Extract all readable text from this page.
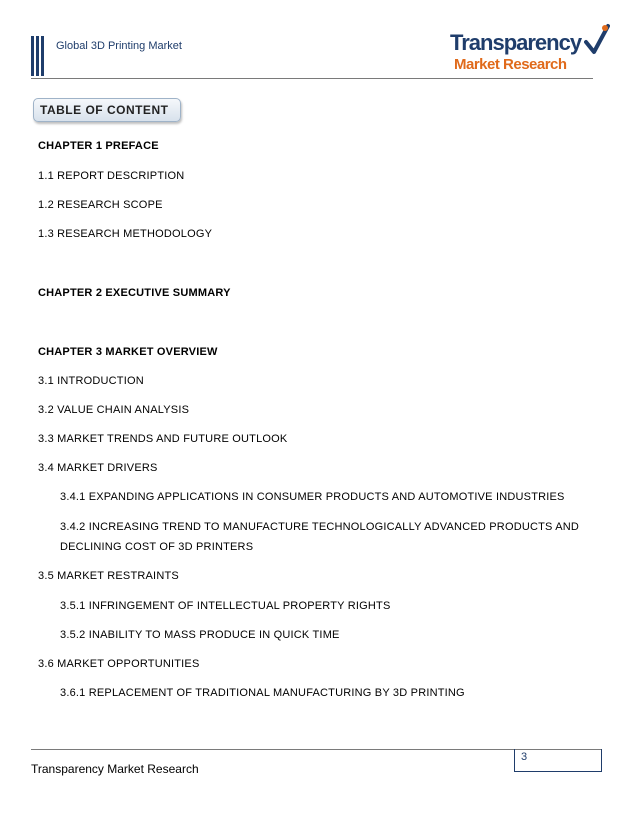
Global 3D Printing Market	Transparency
Market Research
TABLE OF CONTENT
CHAPTER 1 PREFACE
1.1 REPORT DESCRIPTION
1.2 RESEARCH SCOPE
1.3 RESEARCH METHODOLOGY
CHAPTER 2 EXECUTIVE SUMMARY
CHAPTER 3 MARKET OVERVIEW
3.1 INTRODUCTION
3.2 VALUE CHAIN ANALYSIS
3.3 MARKET TRENDS AND FUTURE OUTLOOK
3.4 MARKET DRIVERS
3.4.1 EXPANDING APPLICATIONS IN CONSUMER PRODUCTS AND AUTOMOTIVE INDUSTRIES
3.4.2 INCREASING TREND TO MANUFACTURE TECHNOLOGICALLY ADVANCED PRODUCTS AND
DECLINING COST OF 3D PRINTERS
3.5 MARKET RESTRAINTS
3.5.1 INFRINGEMENT OF INTELLECTUAL PROPERTY RIGHTS
3.5.2 INABILITY TO MASS PRODUCE IN QUICK TIME
3.6 MARKET OPPORTUNITIES
3.6.1 REPLACEMENT OF TRADITIONAL MANUFACTURING BY 3D PRINTING
3
Transparency Market Research
